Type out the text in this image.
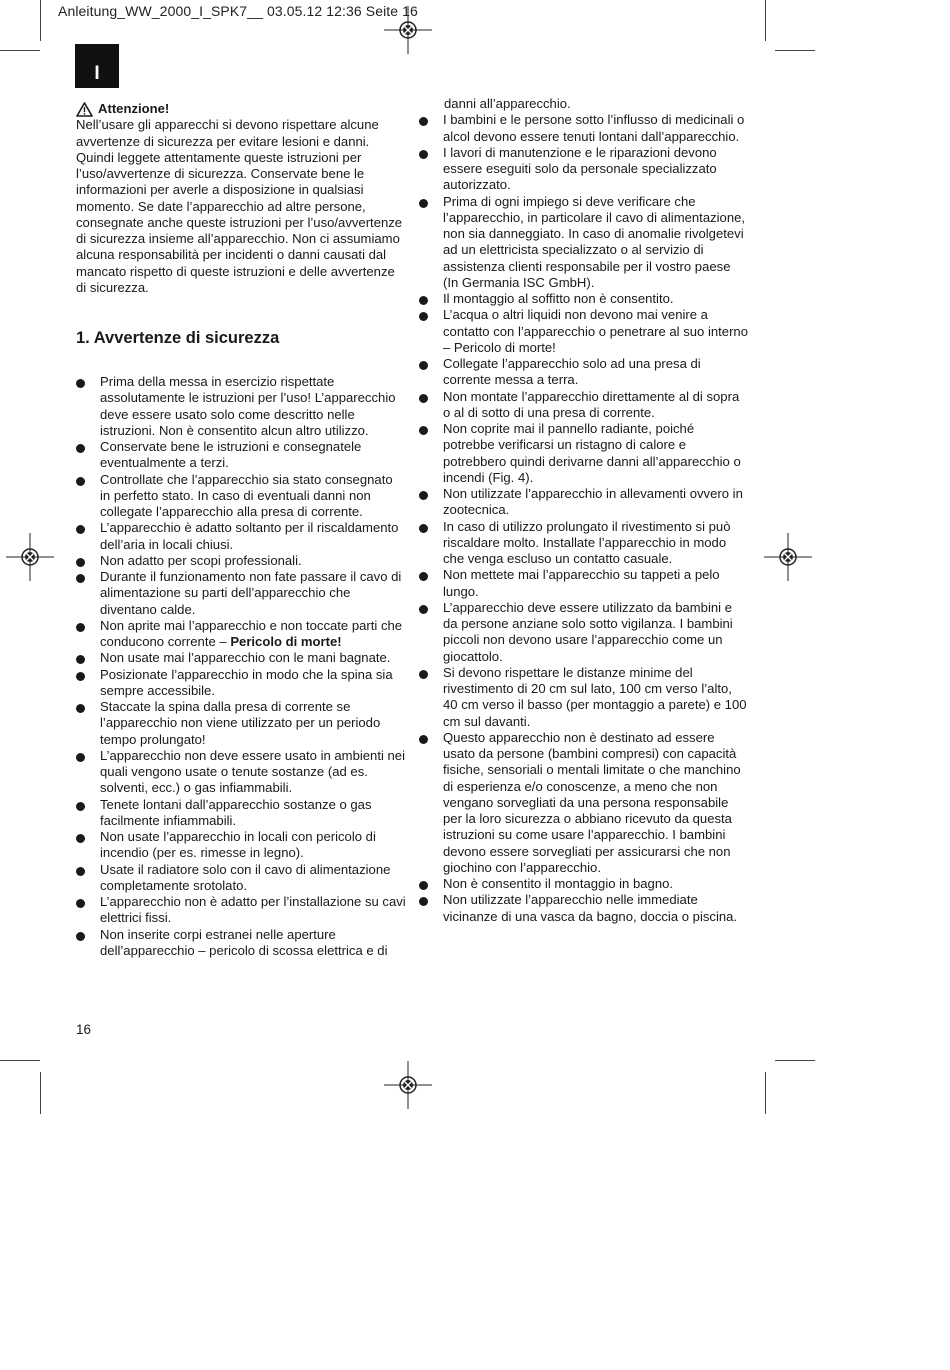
Anleitung_WW_2000_I_SPK7__ 03.05.12 12:36 Seite 16
I
Attenzione!

Nell’usare gli apparecchi si devono rispettare alcune avvertenze di sicurezza per evitare lesioni e danni. Quindi leggete attentamente queste istruzioni per l’uso/avvertenze di sicurezza. Conservate bene le informazioni per averle a disposizione in qualsiasi momento. Se date l’apparecchio ad altre persone, consegnate anche queste istruzioni per l’uso/avvertenze di sicurezza insieme all’apparecchio. Non ci assumiamo alcuna responsabilità per incidenti o danni causati dal mancato rispetto di queste istruzioni e delle avvertenze di sicurezza.

1. Avvertenze di sicurezza
Prima della messa in esercizio rispettate assolutamente le istruzioni per l’uso! L’apparecchio deve essere usato solo come descritto nelle istruzioni. Non è consentito alcun altro utilizzo.
Conservate bene le istruzioni e consegnatele eventualmente a terzi.
Controllate che l’apparecchio sia stato consegnato in perfetto stato. In caso di eventuali danni non collegate l’apparecchio alla presa di corrente.
L’apparecchio è adatto soltanto per il riscaldamento dell’aria in locali chiusi.
Non adatto per scopi professionali.
Durante il funzionamento non fate passare il cavo di alimentazione su parti dell’apparecchio che diventano calde.
Non aprite mai l’apparecchio e non toccate parti che conducono corrente – Pericolo di morte!
Non usate mai l’apparecchio con le mani bagnate.
Posizionate l’apparecchio in modo che la spina sia sempre accessibile.
Staccate la spina dalla presa di corrente se l’apparecchio non viene utilizzato per un periodo tempo prolungato!
L’apparecchio non deve essere usato in ambienti nei quali vengono usate o tenute sostanze (ad es. solventi, ecc.) o gas infiammabili.
Tenete lontani dall’apparecchio sostanze o gas facilmente infiammabili.
Non usate l’apparecchio in locali con pericolo di incendio (per es. rimesse in legno).
Usate il radiatore solo con il cavo di alimentazione completamente srotolato.
L’apparecchio non è adatto per l’installazione su cavi elettrici fissi.
Non inserite corpi estranei nelle aperture dell’apparecchio – pericolo di scossa elettrica e di
danni all’apparecchio.
I bambini e le persone sotto l’influsso di medicinali o alcol devono essere tenuti lontani dall’apparecchio.
I lavori di manutenzione e le riparazioni devono essere eseguiti solo da personale specializzato autorizzato.
Prima di ogni impiego si deve verificare che l’apparecchio, in particolare il cavo di alimentazione, non sia danneggiato. In caso di anomalie rivolgetevi ad un elettricista specializzato o al servizio di assistenza clienti responsabile per il vostro paese (In Germania ISC GmbH).
Il montaggio al soffitto non è consentito.
L’acqua o altri liquidi non devono mai venire a contatto con l’apparecchio o penetrare al suo interno – Pericolo di morte!
Collegate l’apparecchio solo ad una presa di corrente messa a terra.
Non montate l’apparecchio direttamente al di sopra o al di sotto di una presa di corrente.
Non coprite mai il pannello radiante, poiché potrebbe verificarsi un ristagno di calore e potrebbero quindi derivarne danni all’apparecchio o incendi (Fig. 4).
Non utilizzate l’apparecchio in allevamenti ovvero in zootecnica.
In caso di utilizzo prolungato il rivestimento si può riscaldare molto. Installate l’apparecchio in modo che venga escluso un contatto casuale.
Non mettete mai l’apparecchio su tappeti a pelo lungo.
L’apparecchio deve essere utilizzato da bambini e da persone anziane solo sotto vigilanza. I bambini piccoli non devono usare l’apparecchio come un giocattolo.
Si devono rispettare le distanze minime del rivestimento di 20 cm sul lato, 100 cm verso l’alto, 40 cm verso il basso (per montaggio a parete) e 100 cm sul davanti.
Questo apparecchio non è destinato ad essere usato da persone (bambini compresi) con capacità fisiche, sensoriali o mentali limitate o che manchino di esperienza e/o conoscenze, a meno che non vengano sorvegliati da una persona responsabile per la loro sicurezza o abbiano ricevuto da questa istruzioni su come usare l’apparecchio. I bambini devono essere sorvegliati per assicurarsi che non giochino con l’apparecchio.
Non è consentito il montaggio in bagno.
Non utilizzate l’apparecchio nelle immediate vicinanze di una vasca da bagno, doccia o piscina.
16
